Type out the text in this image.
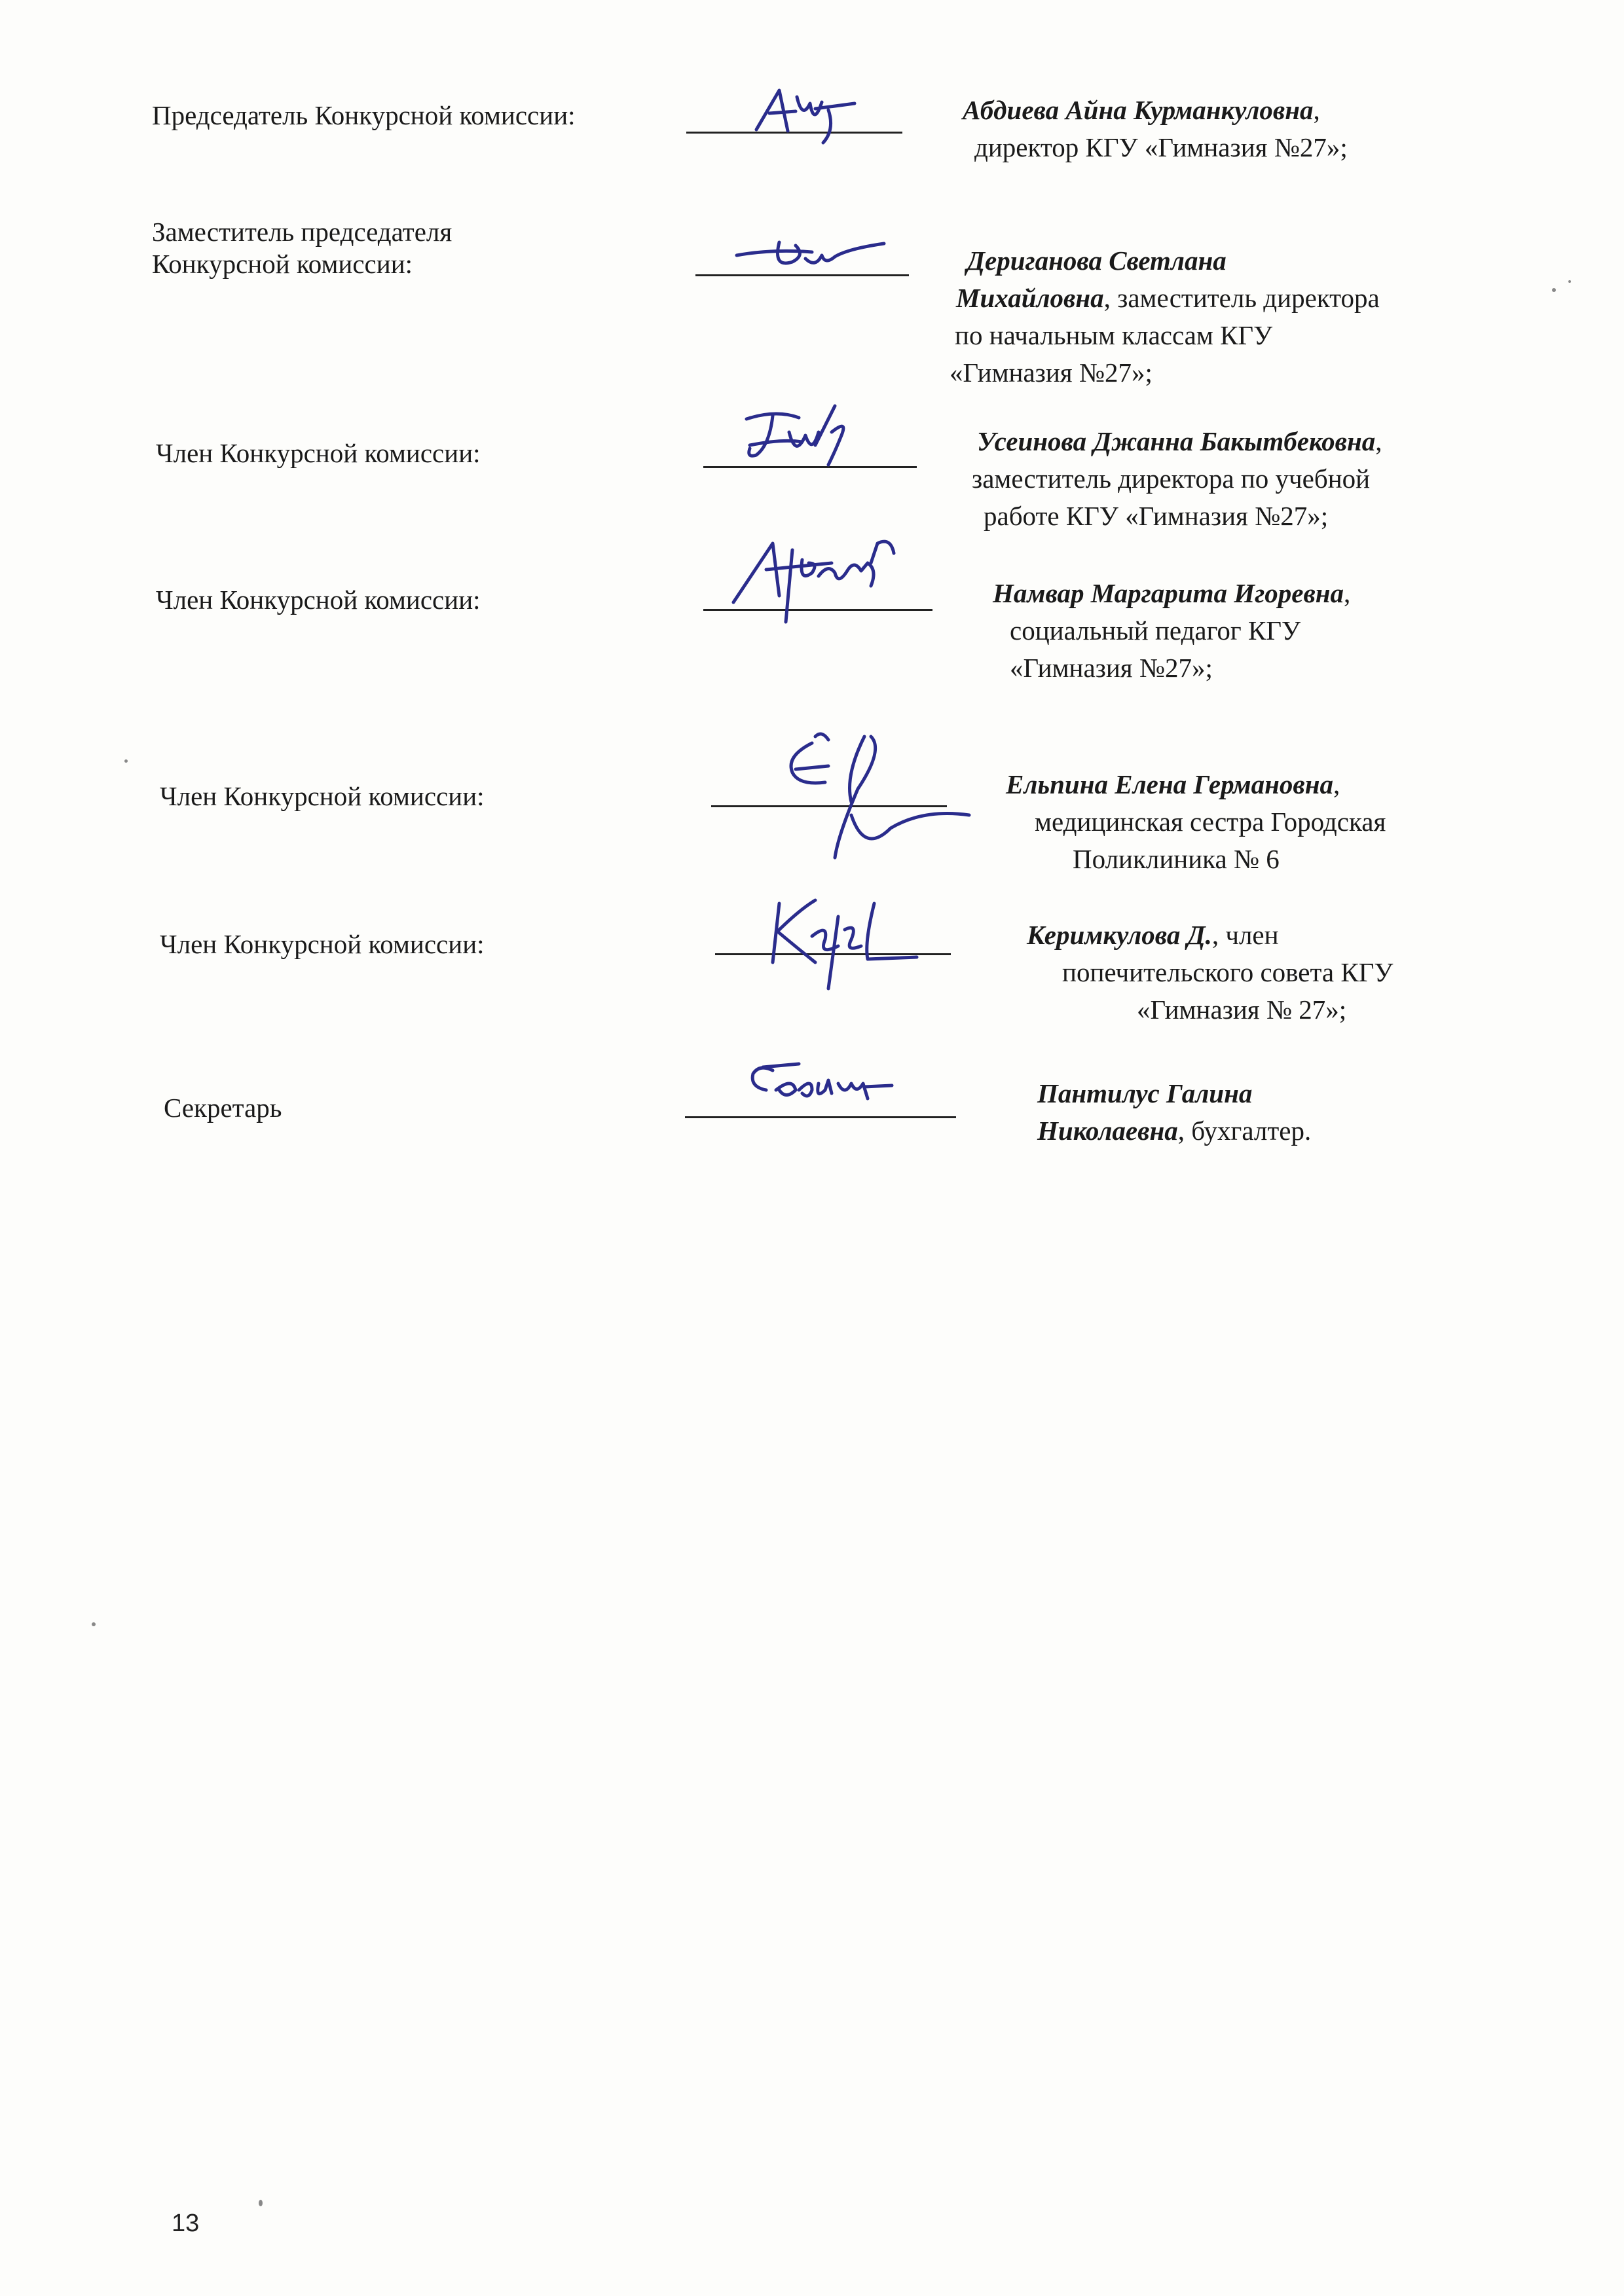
Председатель Конкурсной комиссии:	Абдиева Айна Курманкуловна,
директор КГУ «Гимназия №27»;
Заместитель председателя
Конкурсной комиссии:	Дериганова Светлана
Михайловна, заместитель директора
по начальным классам КГУ
«Гимназия №27»;
Член Конкурсной комиссии:	Усеинова Джанна Бакытбековна,
заместитель директора по учебной
работе КГУ «Гимназия №27»;
Член Конкурсной комиссии:	Намвар Маргарита Игоревна,
социальный педагог КГУ
«Гимназия №27»;
Член Конкурсной комиссии:	Ельпина Елена Германовна,
медицинская сестра Городская
Поликлиника № 6
Член Конкурсной комиссии:	Керимкулова Д., член
попечительского совета КГУ
«Гимназия № 27»;
Секретарь	Пантилус Галина
Николаевна, бухгалтер.
13
